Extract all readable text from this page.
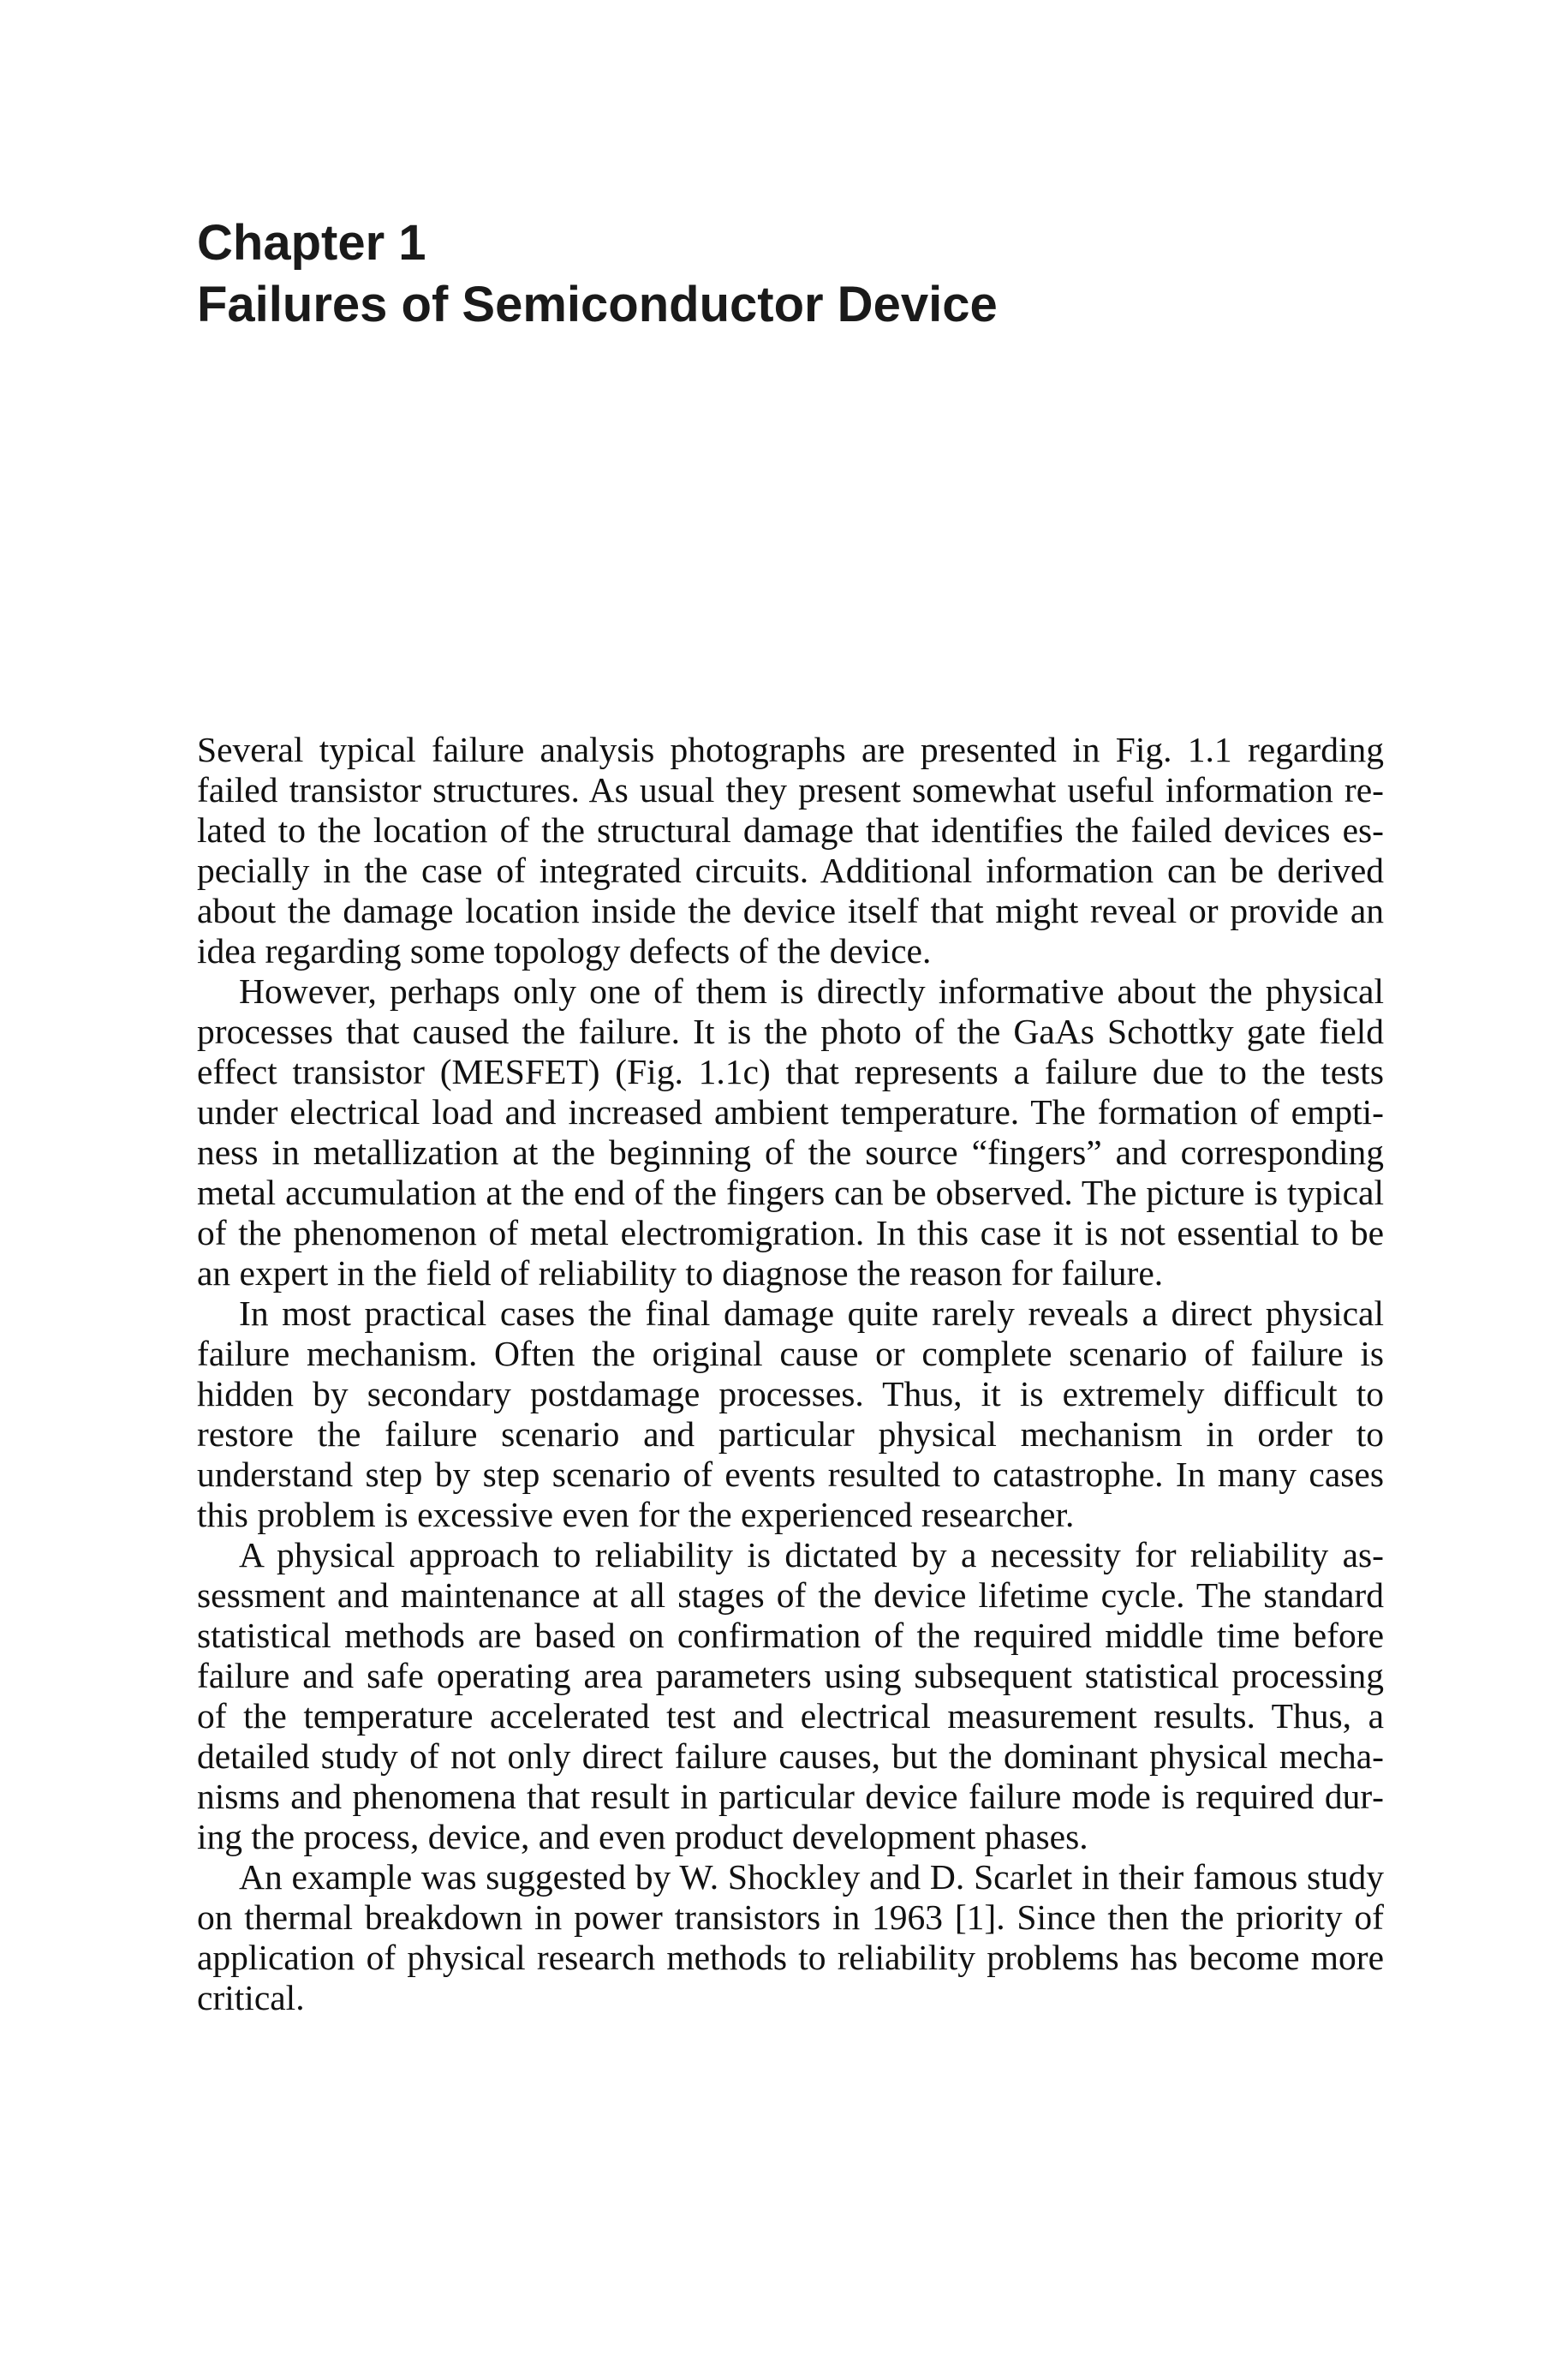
Chapter 1
Failures of Semiconductor Device

Several typical failure analysis photographs are presented in Fig. 1.1 regarding failed transistor structures. As usual they present somewhat useful information related to the location of the structural damage that identifies the failed devices especially in the case of integrated circuits. Additional information can be derived about the damage location inside the device itself that might reveal or provide an idea regarding some topology defects of the device.

However, perhaps only one of them is directly informative about the physical processes that caused the failure. It is the photo of the GaAs Schottky gate field effect transistor (MESFET) (Fig. 1.1c) that represents a failure due to the tests under electrical load and increased ambient temperature. The formation of emptiness in metallization at the beginning of the source “fingers” and corresponding metal accumulation at the end of the fingers can be observed. The picture is typical of the phenomenon of metal electromigration. In this case it is not essential to be an expert in the field of reliability to diagnose the reason for failure.

In most practical cases the final damage quite rarely reveals a direct physical failure mechanism. Often the original cause or complete scenario of failure is hidden by secondary postdamage processes. Thus, it is extremely difficult to restore the failure scenario and particular physical mechanism in order to understand step by step scenario of events resulted to catastrophe. In many cases this problem is excessive even for the experienced researcher.

A physical approach to reliability is dictated by a necessity for reliability assessment and maintenance at all stages of the device lifetime cycle. The standard statistical methods are based on confirmation of the required middle time before failure and safe operating area parameters using subsequent statistical processing of the temperature accelerated test and electrical measurement results. Thus, a detailed study of not only direct failure causes, but the dominant physical mechanisms and phenomena that result in particular device failure mode is required during the process, device, and even product development phases.

An example was suggested by W. Shockley and D. Scarlet in their famous study on thermal breakdown in power transistors in 1963 [1]. Since then the priority of application of physical research methods to reliability problems has become more critical.
